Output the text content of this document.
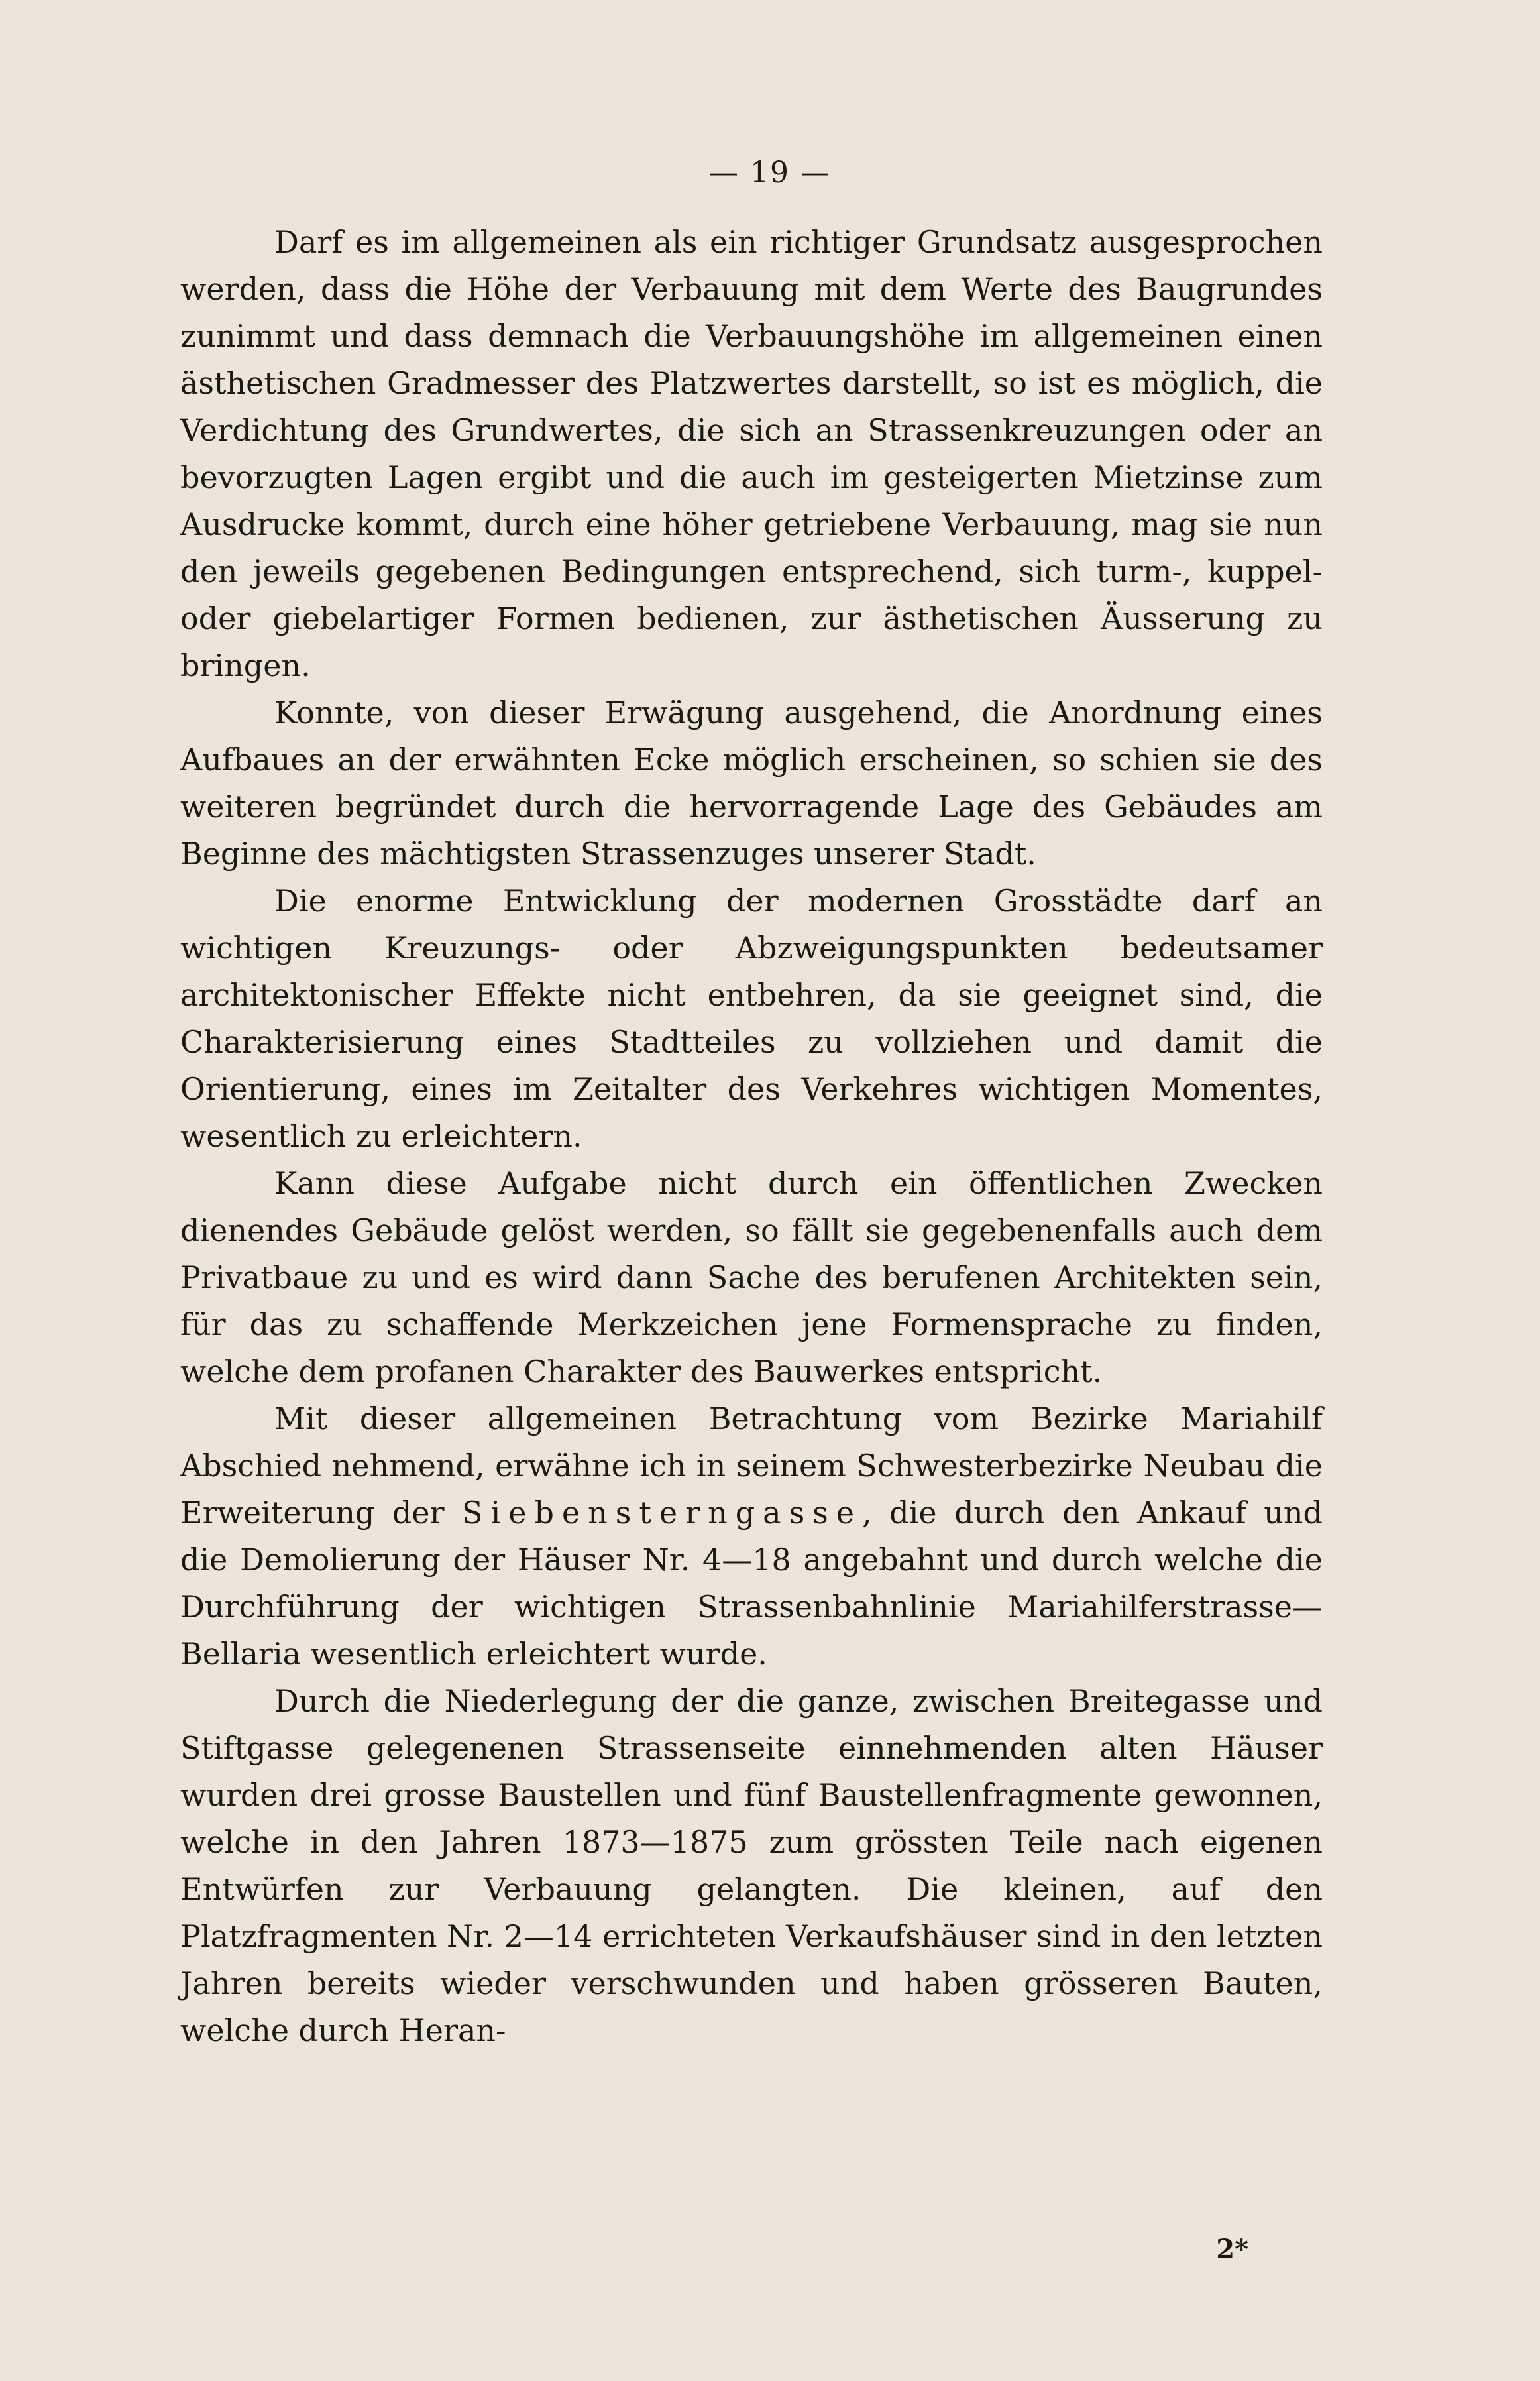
— 19 —

Darf es im allgemeinen als ein richtiger Grundsatz ausgesprochen werden, dass die Höhe der Verbauung mit dem Werte des Baugrundes zunimmt und dass demnach die Verbauungshöhe im allgemeinen einen ästhetischen Gradmesser des Platzwertes darstellt, so ist es möglich, die Verdichtung des Grundwertes, die sich an Strassenkreuzungen oder an bevorzugten Lagen ergibt und die auch im gesteigerten Mietzinse zum Ausdrucke kommt, durch eine höher getriebene Verbauung, mag sie nun den jeweils gegebenen Bedingungen entsprechend, sich turm-, kuppel- oder giebelartiger Formen bedienen, zur ästhetischen Äusserung zu bringen.

Konnte, von dieser Erwägung ausgehend, die Anordnung eines Aufbaues an der erwähnten Ecke möglich erscheinen, so schien sie des weiteren begründet durch die hervorragende Lage des Gebäudes am Beginne des mächtigsten Strassenzuges unserer Stadt.

Die enorme Entwicklung der modernen Grosstädte darf an wichtigen Kreuzungs- oder Abzweigungspunkten bedeutsamer architektonischer Effekte nicht entbehren, da sie geeignet sind, die Charakterisierung eines Stadtteiles zu vollziehen und damit die Orientierung, eines im Zeitalter des Verkehres wichtigen Momentes, wesentlich zu erleichtern.

Kann diese Aufgabe nicht durch ein öffentlichen Zwecken dienendes Gebäude gelöst werden, so fällt sie gegebenenfalls auch dem Privatbaue zu und es wird dann Sache des berufenen Architekten sein, für das zu schaffende Merkzeichen jene Formensprache zu finden, welche dem profanen Charakter des Bauwerkes entspricht.

Mit dieser allgemeinen Betrachtung vom Bezirke Mariahilf Abschied nehmend, erwähne ich in seinem Schwesterbezirke Neubau die Erweiterung der Siebensterngasse, die durch den Ankauf und die Demolierung der Häuser Nr. 4—18 angebahnt und durch welche die Durchführung der wichtigen Strassenbahnlinie Mariahilferstrasse—Bellaria wesentlich erleichtert wurde.

Durch die Niederlegung der die ganze, zwischen Breitegasse und Stiftgasse gelegenenen Strassenseite einnehmenden alten Häuser wurden drei grosse Baustellen und fünf Baustellenfragmente gewonnen, welche in den Jahren 1873—1875 zum grössten Teile nach eigenen Entwürfen zur Verbauung gelangten. Die kleinen, auf den Platzfragmenten Nr. 2—14 errichteten Verkaufshäuser sind in den letzten Jahren bereits wieder verschwunden und haben grösseren Bauten, welche durch Heran-

2*
